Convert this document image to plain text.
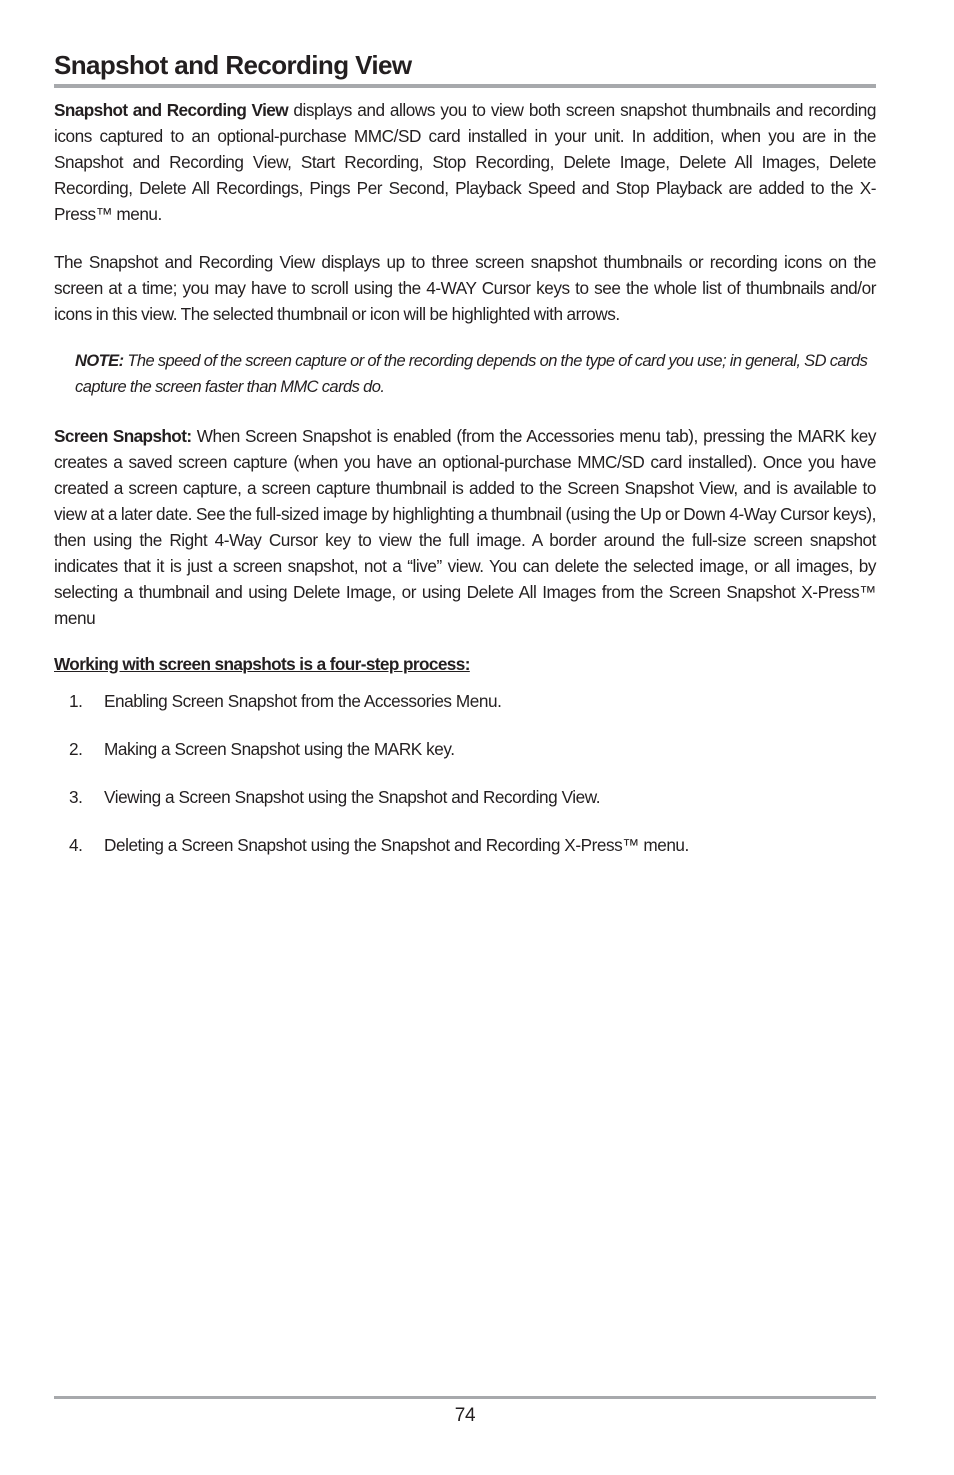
Snapshot and Recording View

Snapshot and Recording View displays and allows you to view both screen snapshot thumbnails and recording icons captured to an optional-purchase MMC/SD card installed in your unit. In addition, when you are in the Snapshot and Recording View, Start Recording, Stop Recording, Delete Image, Delete All Images, Delete Recording, Delete All Recordings, Pings Per Second, Playback Speed and Stop Playback are added to the X-Press™ menu.

The Snapshot and Recording View displays up to three screen snapshot thumbnails or recording icons on the screen at a time; you may have to scroll using the 4-WAY Cursor keys to see the whole list of thumbnails and/or icons in this view. The selected thumbnail or icon will be highlighted with arrows.

NOTE: The speed of the screen capture or of the recording depends on the type of card you use; in general, SD cards capture the screen faster than MMC cards do.

Screen Snapshot: When Screen Snapshot is enabled (from the Accessories menu tab), pressing the MARK key creates a saved screen capture (when you have an optional-purchase MMC/SD card installed). Once you have created a screen capture, a screen capture thumbnail is added to the Screen Snapshot View, and is available to view at a later date. See the full-sized image by highlighting a thumbnail (using the Up or Down 4-Way Cursor keys), then using the Right 4-Way Cursor key to view the full image. A border around the full-size screen snapshot indicates that it is just a screen snapshot, not a “live” view. You can delete the selected image, or all images, by selecting a thumbnail and using Delete Image, or using Delete All Images from the Screen Snapshot X-Press™ menu

Working with screen snapshots is a four-step process:

1.	Enabling Screen Snapshot from the Accessories Menu.
2.	Making a Screen Snapshot using the MARK key.
3.	Viewing a Screen Snapshot using the Snapshot and Recording View.
4.	Deleting a Screen Snapshot using the Snapshot and Recording X-Press™ menu.
74
